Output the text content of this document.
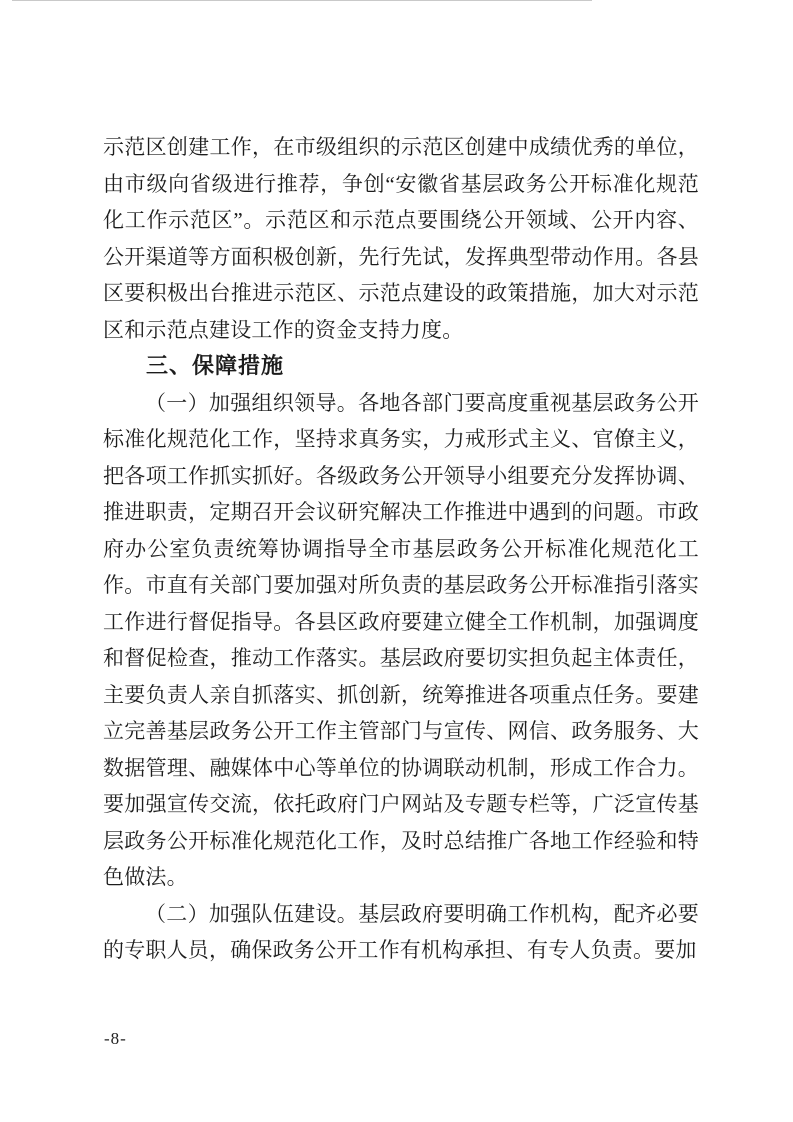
示范区创建工作，在市级组织的示范区创建中成绩优秀的单位，由市级向省级进行推荐，争创“安徽省基层政务公开标准化规范化工作示范区”。示范区和示范点要围绕公开领域、公开内容、公开渠道等方面积极创新，先行先试，发挥典型带动作用。各县区要积极出台推进示范区、示范点建设的政策措施，加大对示范区和示范点建设工作的资金支持力度。

三、保障措施

（一）加强组织领导。各地各部门要高度重视基层政务公开标准化规范化工作，坚持求真务实，力戒形式主义、官僚主义，把各项工作抓实抓好。各级政务公开领导小组要充分发挥协调、推进职责，定期召开会议研究解决工作推进中遇到的问题。市政府办公室负责统筹协调指导全市基层政务公开标准化规范化工作。市直有关部门要加强对所负责的基层政务公开标准指引落实工作进行督促指导。各县区政府要建立健全工作机制，加强调度和督促检查，推动工作落实。基层政府要切实担负起主体责任，主要负责人亲自抓落实、抓创新，统筹推进各项重点任务。要建立完善基层政务公开工作主管部门与宣传、网信、政务服务、大数据管理、融媒体中心等单位的协调联动机制，形成工作合力。要加强宣传交流，依托政府门户网站及专题专栏等，广泛宣传基层政务公开标准化规范化工作，及时总结推广各地工作经验和特色做法。

（二）加强队伍建设。基层政府要明确工作机构，配齐必要的专职人员，确保政务公开工作有机构承担、有专人负责。要加

-8-
